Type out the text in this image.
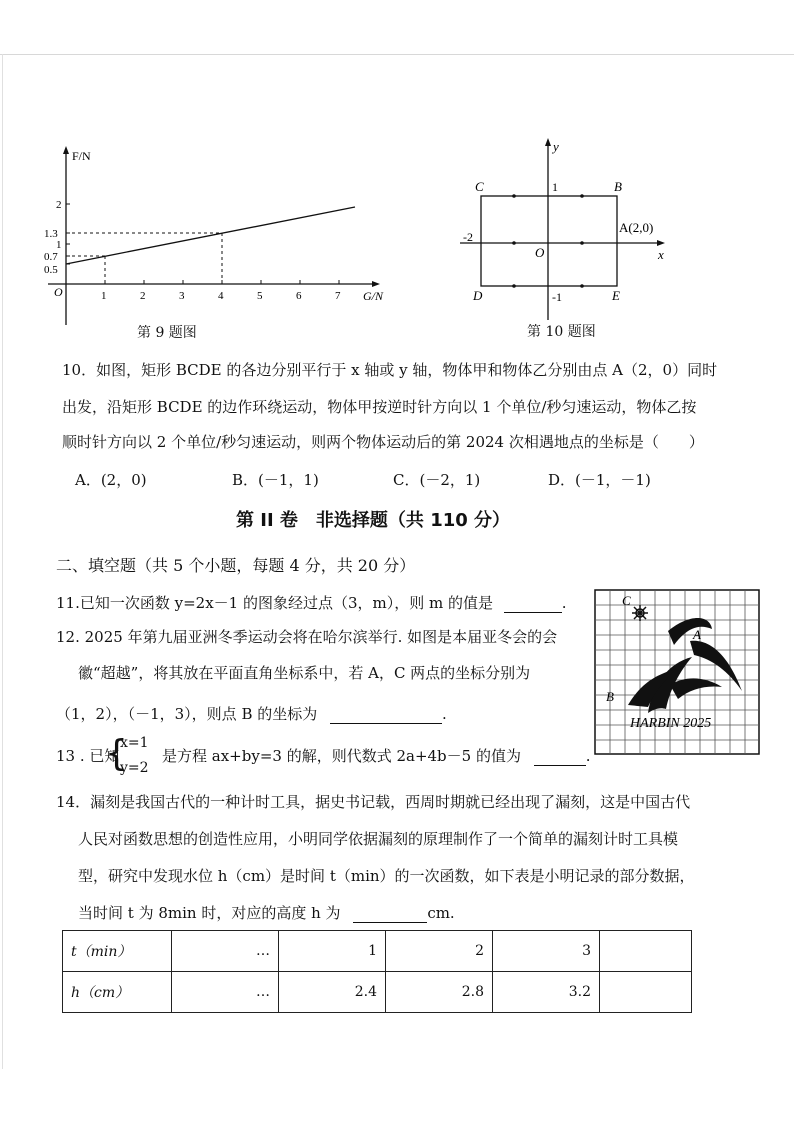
F/N
G/N
O
2
1.3
1
0.7
0.5
1	2	3	4	5	6	7
第 9 题图
y
x
O
C	B
D	E
A(2,0)
1
-2
-1
第 10 题图
10．如图，矩形 BCDE 的各边分别平行于 x 轴或 y 轴，物体甲和物体乙分别由点 A（2，0）同时
出发，沿矩形 BCDE 的边作环绕运动，物体甲按逆时针方向以 1 个单位/秒匀速运动，物体乙按
顺时针方向以 2 个单位/秒匀速运动，则两个物体运动后的第 2024 次相遇地点的坐标是（　　）
A．(2，0)	B．(－1，1)	C．(－2，1)	D．(－1，－1)
第 II 卷　非选择题（共 110 分）
二、填空题（共 5 个小题，每题 4 分，共 20 分）
11.已知一次函数 y=2x－1 的图象经过点（3，m），则 m 的值是	.
12. 2025 年第九届亚洲冬季运动会将在哈尔滨举行. 如图是本届亚冬会的会
徽“超越”，将其放在平面直角坐标系中，若 A，C 两点的坐标分别为
（1，2），（－1，3），则点 B 的坐标为	.
C
A
B
HARBIN 2025
13 . 已知
{
x=1
y=2
是方程 ax+by=3 的解，则代数式 2a+4b－5 的值为	.
14．漏刻是我国古代的一种计时工具，据史书记载，西周时期就已经出现了漏刻，这是中国古代
人民对函数思想的创造性应用，小明同学依据漏刻的原理制作了一个简单的漏刻计时工具模
型，研究中发现水位 h（cm）是时间 t（min）的一次函数，如下表是小明记录的部分数据，
当时间 t 为 8min 时，对应的高度 h 为	cm.
t（min）	…	1	2	3	
h（cm）	…	2.4	2.8	3.2	
